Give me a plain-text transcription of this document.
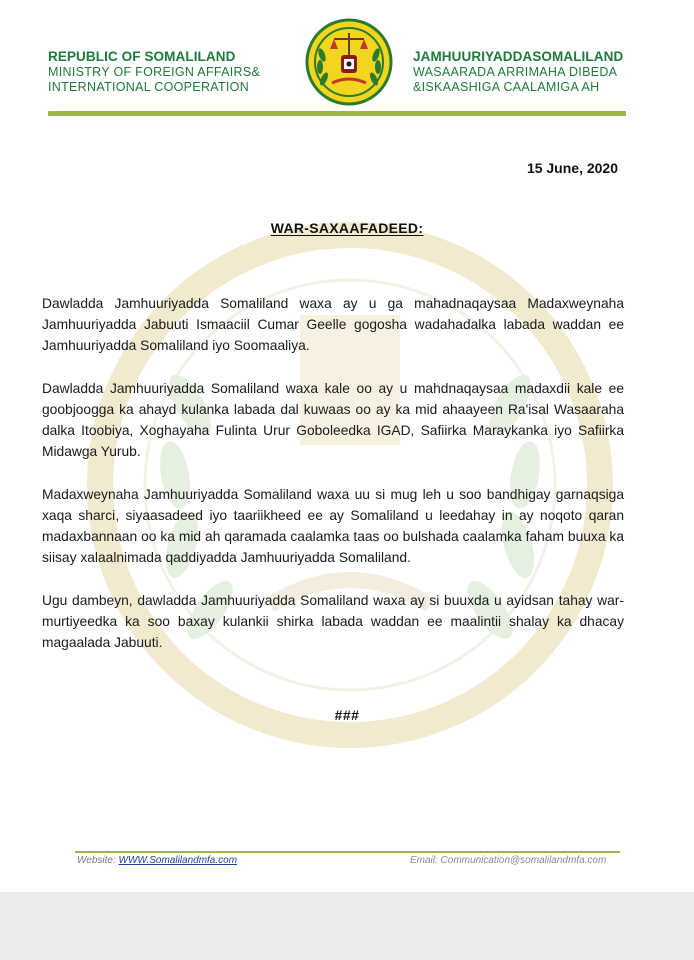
REPUBLIC OF SOMALILAND
MINISTRY OF FOREIGN AFFAIRS&
INTERNATIONAL COOPERATION
JAMHUURIYADDASOMALILAND
WASAARADA ARRIMAHA DIBEDA
&ISKAASHIGA CAALAMIGA AH
15 June, 2020
WAR-SAXAAFADEED:

Dawladda Jamhuuriyadda Somaliland waxa ay u ga mahadnaqaysaa Madaxweynaha Jamhuuriyadda Jabuuti Ismaaciil Cumar Geelle gogosha wadahadalka labada waddan ee Jamhuuriyadda Somaliland iyo Soomaaliya.

Dawladda Jamhuuriyadda Somaliland waxa kale oo ay u mahdnaqaysaa madaxdii kale ee goobjoogga ka ahayd kulanka labada dal kuwaas oo ay ka mid ahaayeen Ra'isal Wasaaraha dalka Itoobiya, Xoghayaha Fulinta Urur Goboleedka IGAD, Safiirka Maraykanka iyo Safiirka Midawga Yurub.

Madaxweynaha Jamhuuriyadda Somaliland waxa uu si mug leh u soo bandhigay garnaqsiga xaqa sharci, siyaasadeed iyo taariikheed ee ay Somaliland u leedahay in ay noqoto qaran madaxbannaan oo ka mid ah qaramada caalamka taas oo bulshada caalamka faham buuxa ka siisay xalaalnimada qaddiyadda Jamhuuriyadda Somaliland.

Ugu dambeyn, dawladda Jamhuuriyadda Somaliland waxa ay si buuxda u ayidsan tahay war-murtiyeedka ka soo baxay kulankii shirka labada waddan ee maalintii shalay ka dhacay magaalada Jabuuti.

###
Website: WWW.Somalilandmfa.com	Email: Communication@somalilandmfa.com
